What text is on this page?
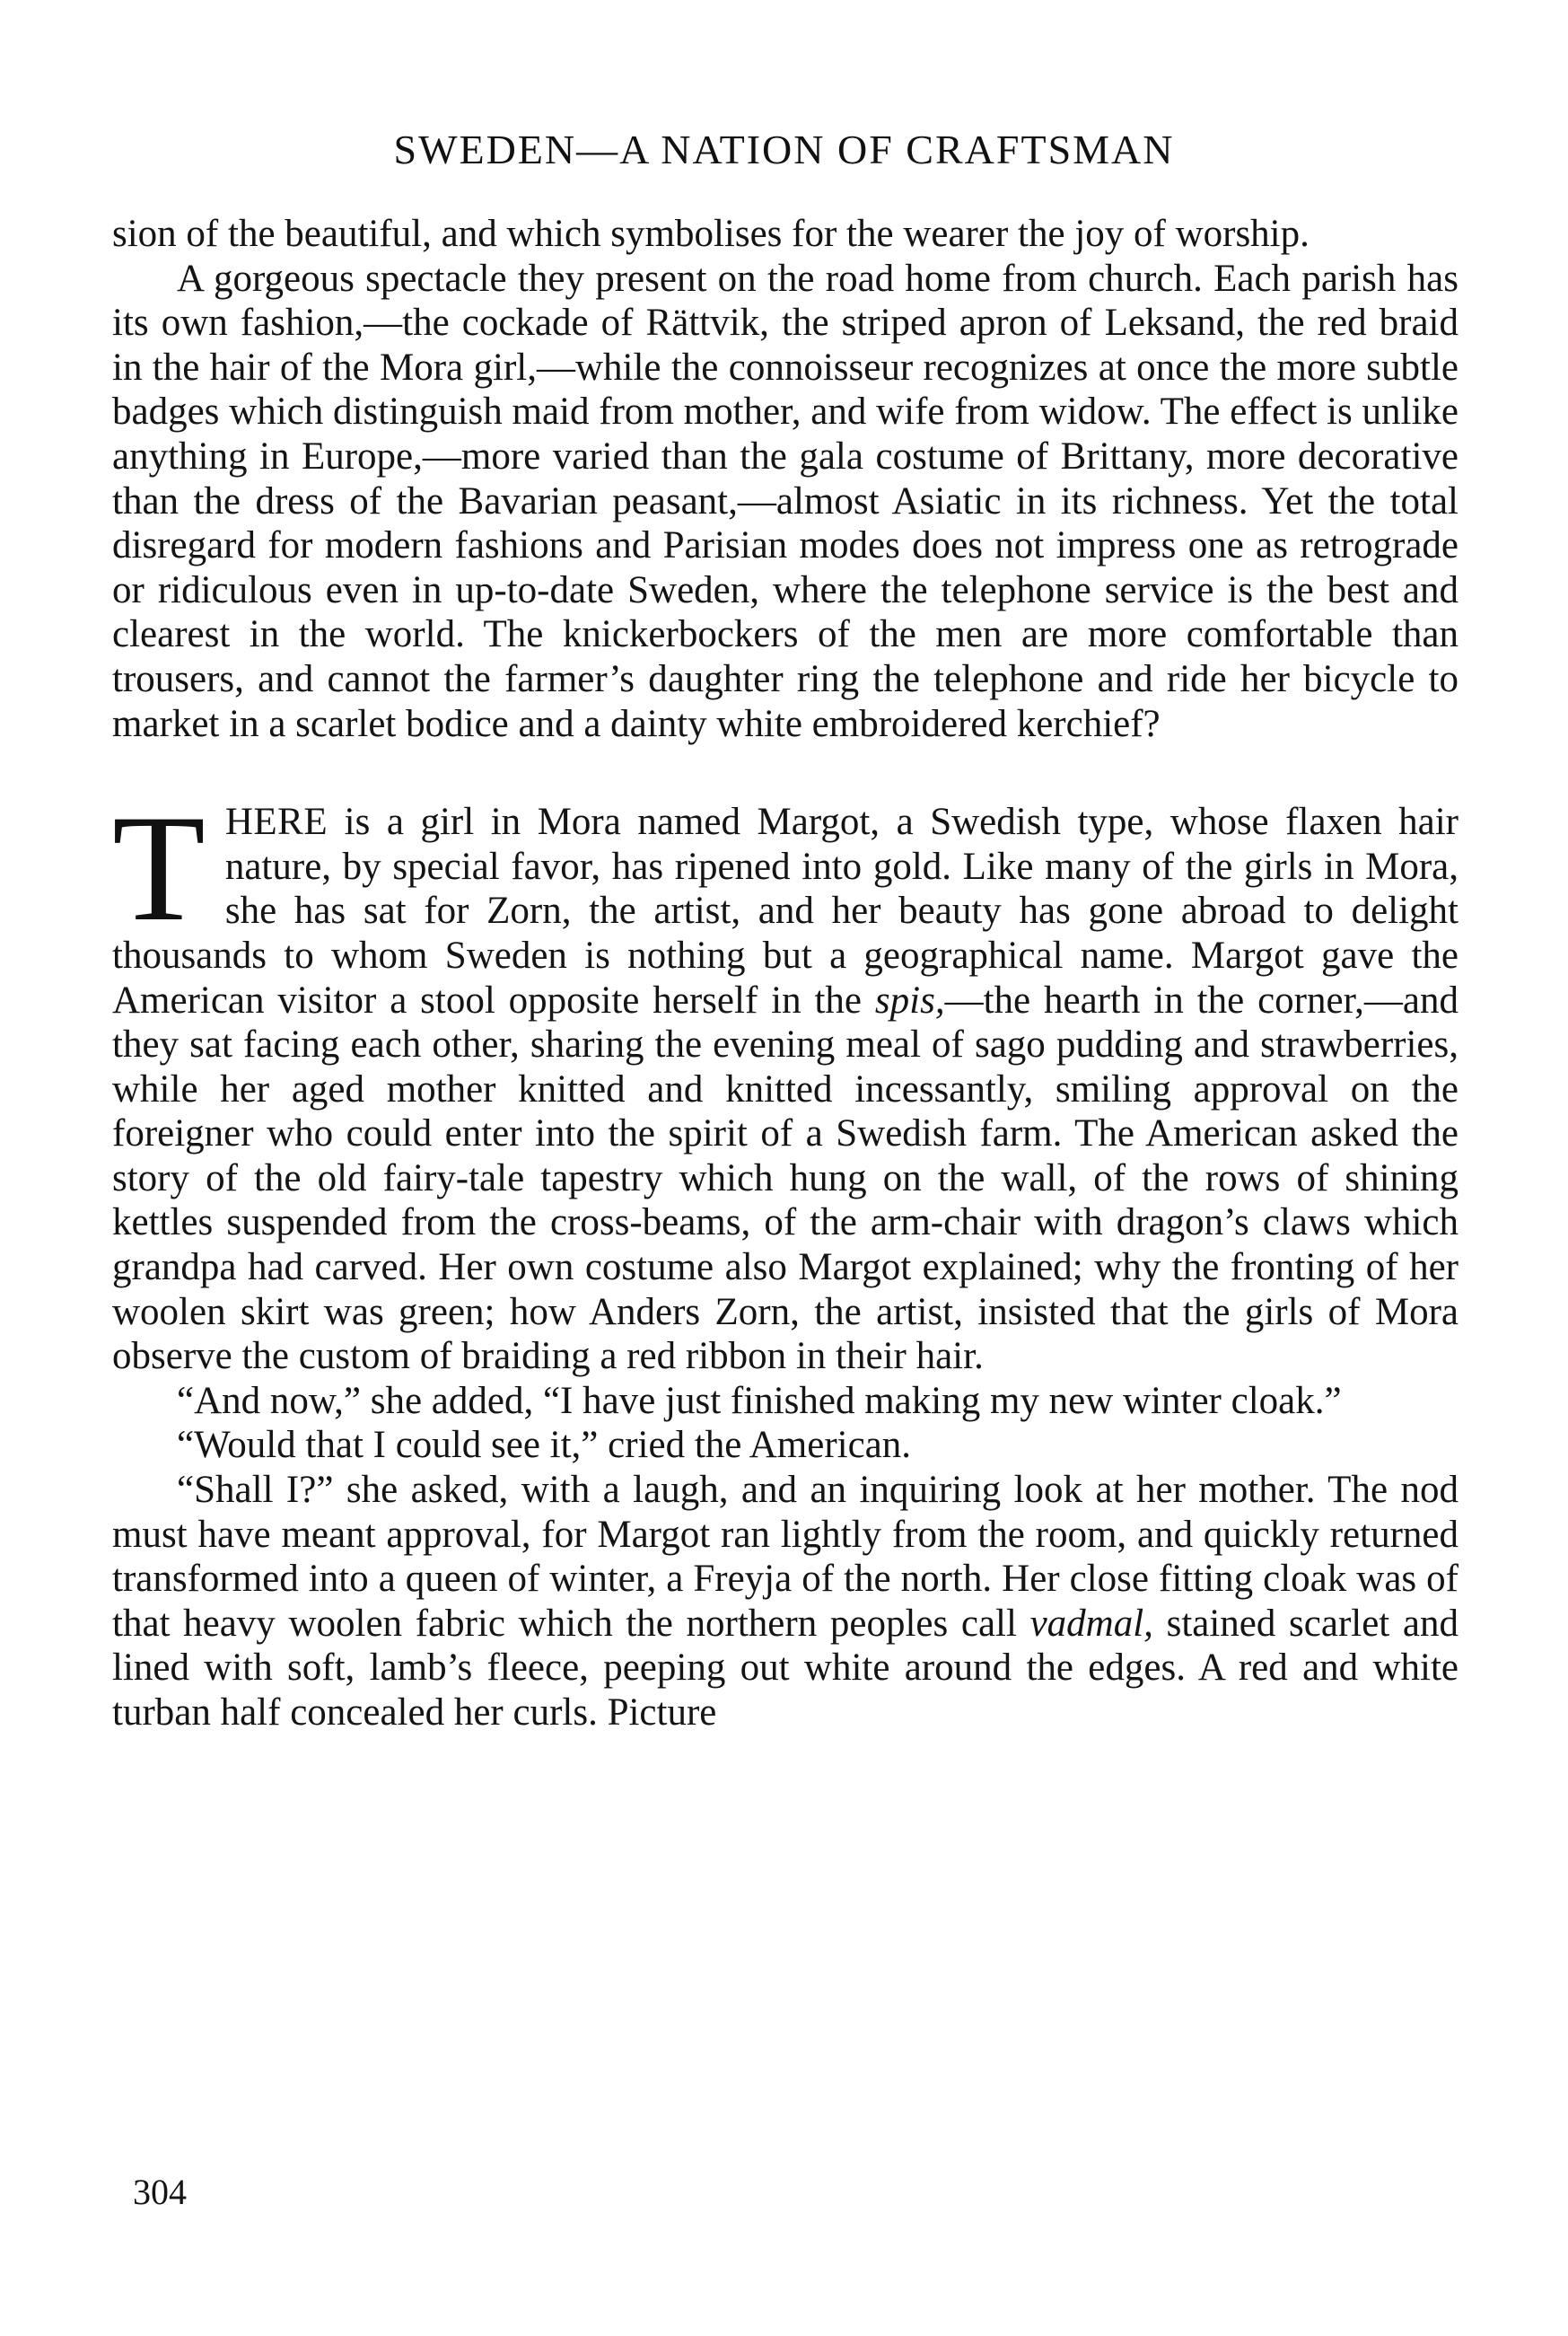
SWEDEN—A NATION OF CRAFTSMAN

sion of the beautiful, and which symbolises for the wearer the joy of worship.

A gorgeous spectacle they present on the road home from church. Each parish has its own fashion,—the cockade of Rättvik, the striped apron of Leksand, the red braid in the hair of the Mora girl,—while the connoisseur recognizes at once the more subtle badges which distinguish maid from mother, and wife from widow. The effect is unlike anything in Europe,—more varied than the gala costume of Brittany, more decorative than the dress of the Bavarian peasant,—almost Asiatic in its richness. Yet the total disregard for modern fashions and Parisian modes does not impress one as retrograde or ridiculous even in up-to-date Sweden, where the telephone service is the best and clearest in the world. The knickerbockers of the men are more comfortable than trousers, and cannot the farmer’s daughter ring the telephone and ride her bicycle to market in a scarlet bodice and a dainty white embroidered kerchief?

THERE is a girl in Mora named Margot, a Swedish type, whose flaxen hair nature, by special favor, has ripened into gold. Like many of the girls in Mora, she has sat for Zorn, the artist, and her beauty has gone abroad to delight thousands to whom Sweden is nothing but a geographical name. Margot gave the American visitor a stool opposite herself in the spis,—the hearth in the corner,—and they sat facing each other, sharing the evening meal of sago pudding and strawberries, while her aged mother knitted and knitted incessantly, smiling approval on the foreigner who could enter into the spirit of a Swedish farm. The American asked the story of the old fairy-tale tapestry which hung on the wall, of the rows of shining kettles suspended from the cross-beams, of the arm-chair with dragon’s claws which grandpa had carved. Her own costume also Margot explained; why the fronting of her woolen skirt was green; how Anders Zorn, the artist, insisted that the girls of Mora observe the custom of braiding a red ribbon in their hair.

“And now,” she added, “I have just finished making my new winter cloak.”

“Would that I could see it,” cried the American.

“Shall I?” she asked, with a laugh, and an inquiring look at her mother. The nod must have meant approval, for Margot ran lightly from the room, and quickly returned transformed into a queen of winter, a Freyja of the north. Her close fitting cloak was of that heavy woolen fabric which the northern peoples call vadmal, stained scarlet and lined with soft, lamb’s fleece, peeping out white around the edges. A red and white turban half concealed her curls. Picture

304
